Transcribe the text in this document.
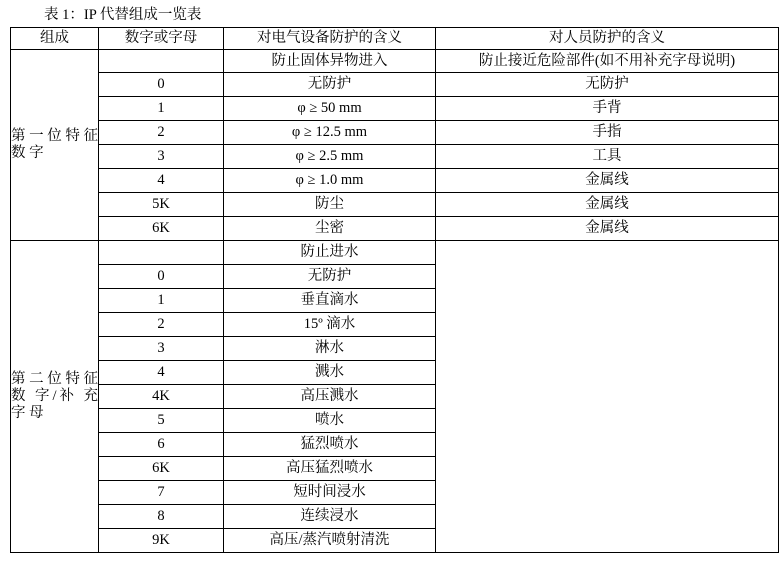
表 1：IP 代替组成一览表
组成	数字或字母	对电气设备防护的含义	对人员防护的含义

第 一 位 特 征 数 字		防止固体异物进入	防止接近危险部件(如不用补充字母说明)
	0	无防护	无防护
	1	φ ≥ 50 mm	手背
	2	φ ≥ 12.5 mm	手指
	3	φ ≥ 2.5 mm	工具
	4	φ ≥ 1.0 mm	金属线
	5K	防尘	金属线
	6K	尘密	金属线

第 二 位 特 征 数 字/补 充 字 母		防止进水	
	0	无防护	
	1	垂直滴水	
	2	15º 滴水	
	3	淋水	
	4	溅水	
	4K	高压溅水	
	5	喷水	
	6	猛烈喷水	
	6K	高压猛烈喷水	
	7	短时间浸水	
	8	连续浸水	
	9K	高压/蒸汽喷射清洗	
